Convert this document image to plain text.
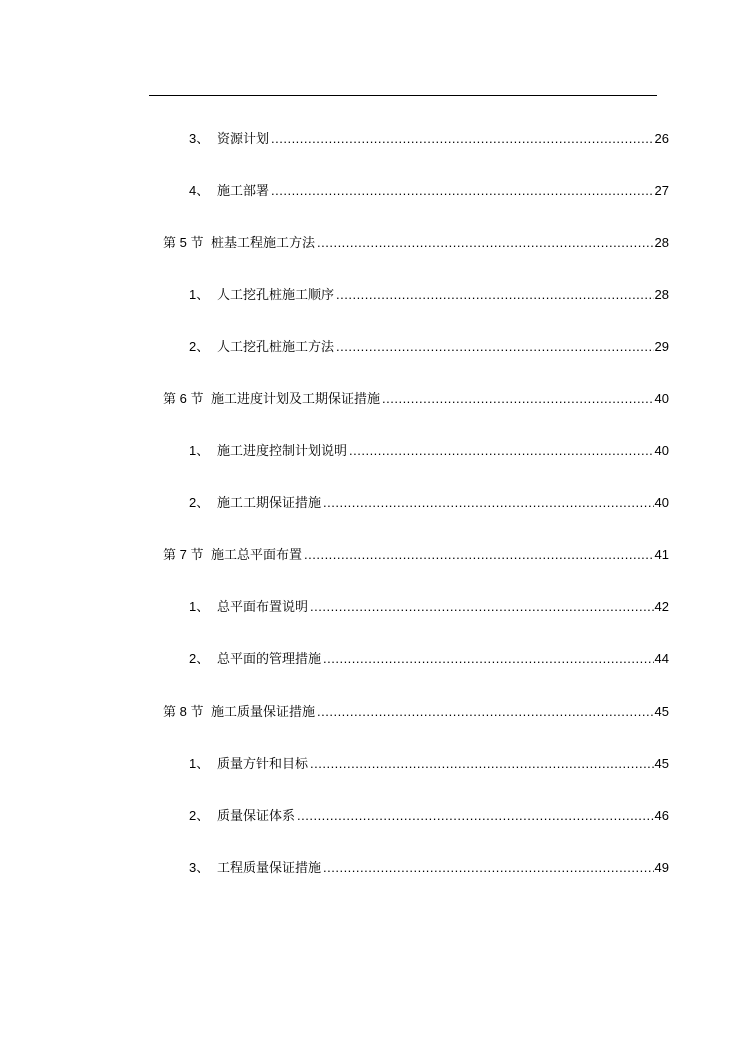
3、 资源计划 .....	26
4、 施工部署 .....	27
第 5 节 桩基工程施工方法 .....	28
1、 人工挖孔桩施工顺序 .....	28
2、 人工挖孔桩施工方法 .....	29
第 6 节 施工进度计划及工期保证措施 .....	40
1、 施工进度控制计划说明 .....	40
2、 施工工期保证措施 .....	40
第 7 节 施工总平面布置 .....	41
1、 总平面布置说明 .....	42
2、 总平面的管理措施 .....	44
第 8 节 施工质量保证措施 .....	45
1、 质量方针和目标 .....	45
2、 质量保证体系 .....	46
3、 工程质量保证措施 .....	49
